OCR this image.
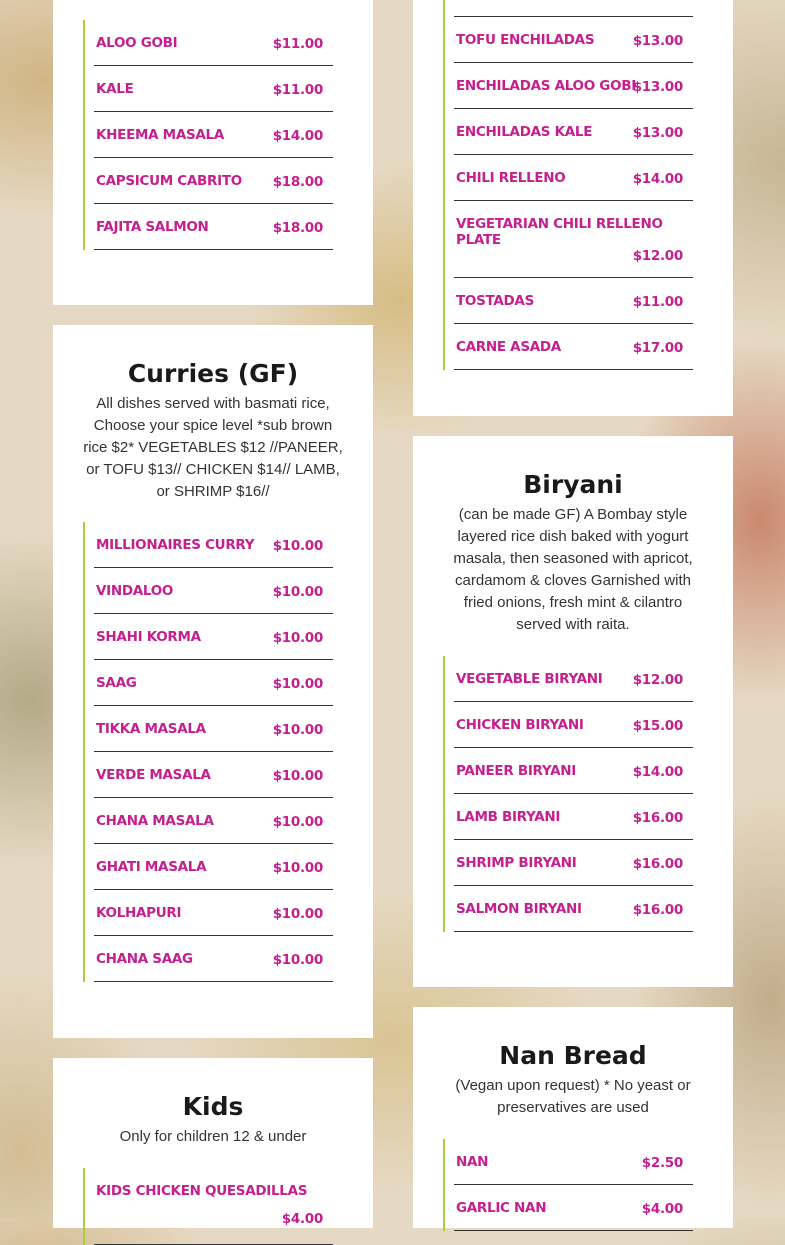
ALOO GOBI	$11.00
KALE	$11.00
KHEEMA MASALA	$14.00
CAPSICUM CABRITO	$18.00
FAJITA SALMON	$18.00
Curries (GF)
All dishes served with basmati rice, Choose your spice level *sub brown rice $2* VEGETABLES $12 //PANEER, or TOFU $13// CHICKEN $14// LAMB, or SHRIMP $16//
MILLIONAIRES CURRY	$10.00
VINDALOO	$10.00
SHAHI KORMA	$10.00
SAAG	$10.00
TIKKA MASALA	$10.00
VERDE MASALA	$10.00
CHANA MASALA	$10.00
GHATI MASALA	$10.00
KOLHAPURI	$10.00
CHANA SAAG	$10.00
Kids
Only for children 12 & under
KIDS CHICKEN QUESADILLAS
$4.00
TOFU ENCHILADAS	$13.00
ENCHILADAS ALOO GOBI
$13.00
ENCHILADAS KALE	$13.00
CHILI RELLENO	$14.00
VEGETARIAN CHILI RELLENO PLATE
$12.00
TOSTADAS	$11.00
CARNE ASADA	$17.00
Biryani
(can be made GF) A Bombay style layered rice dish baked with yogurt masala, then seasoned with apricot, cardamom & cloves Garnished with fried onions, fresh mint & cilantro served with raita.
VEGETABLE BIRYANI	$12.00
CHICKEN BIRYANI	$15.00
PANEER BIRYANI	$14.00
LAMB BIRYANI	$16.00
SHRIMP BIRYANI	$16.00
SALMON BIRYANI	$16.00
Nan Bread
(Vegan upon request) * No yeast or preservatives are used
NAN	$2.50
GARLIC NAN	$4.00
